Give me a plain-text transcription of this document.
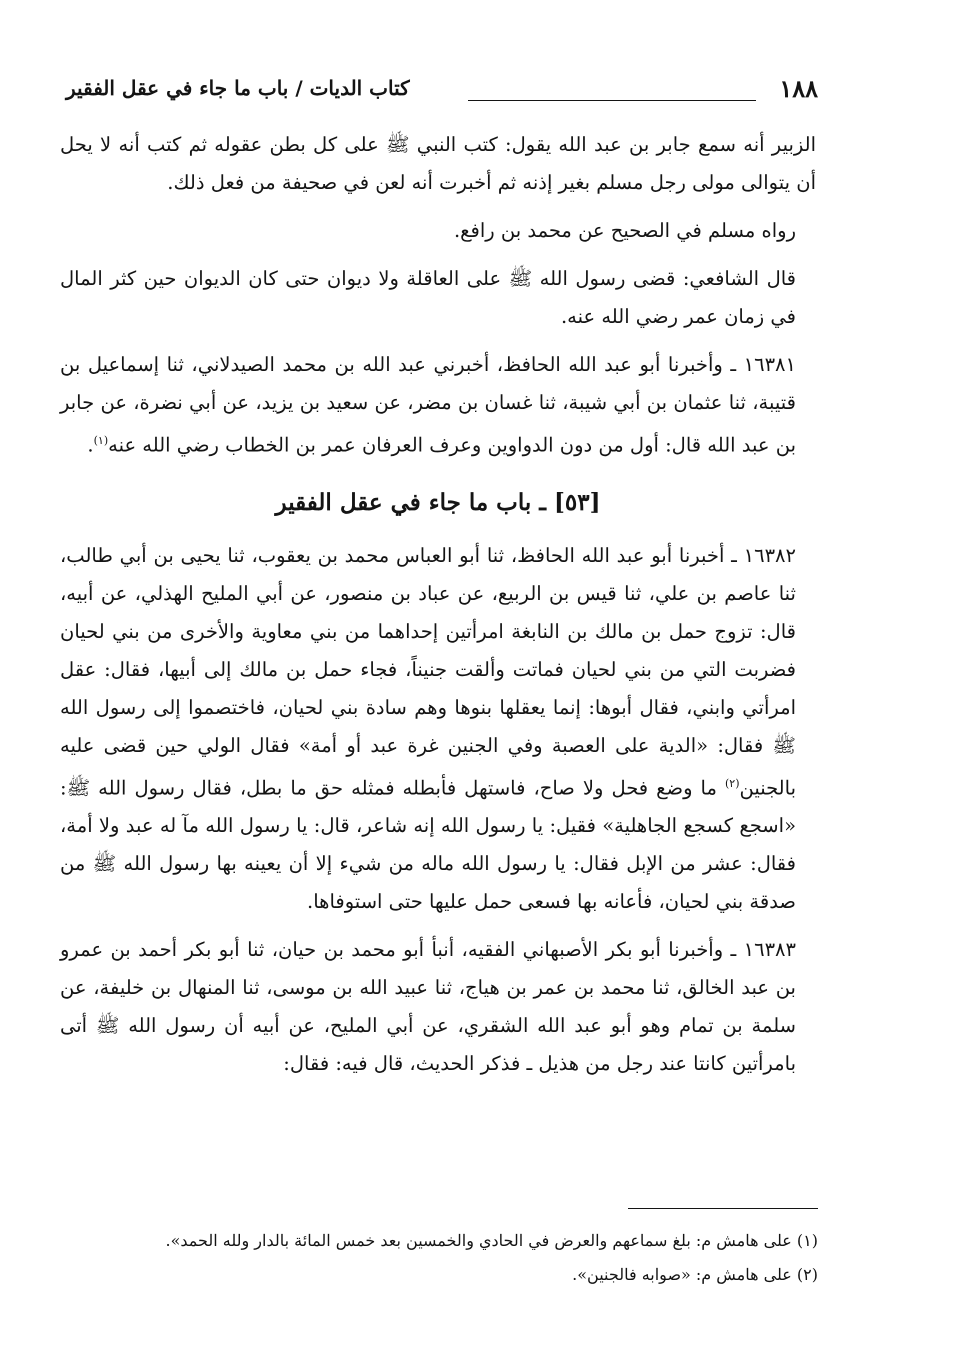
١٨٨
كتاب الديات / باب ما جاء في عقل الفقير

الزبير أنه سمع جابر بن عبد الله يقول: كتب النبي ﷺ على كل بطن عقوله ثم كتب أنه لا يحل أن يتوالى مولى رجل مسلم بغير إذنه ثم أخبرت أنه لعن في صحيفة من فعل ذلك.

رواه مسلم في الصحيح عن محمد بن رافع.

قال الشافعي: قضى رسول الله ﷺ على العاقلة ولا ديوان حتى كان الديوان حين كثر المال في زمان عمر رضي الله عنه.

١٦٣٨١ ـ وأخبرنا أبو عبد الله الحافظ، أخبرني عبد الله بن محمد الصيدلاني، ثنا إسماعيل بن قتيبة، ثنا عثمان بن أبي شيبة، ثنا غسان بن مضر، عن سعيد بن يزيد، عن أبي نضرة، عن جابر بن عبد الله قال: أول من دون الدواوين وعرف العرفان عمر بن الخطاب رضي الله عنه$^{(١)}$.

[٥٣] ـ باب ما جاء في عقل الفقير

١٦٣٨٢ ـ أخبرنا أبو عبد الله الحافظ، ثنا أبو العباس محمد بن يعقوب، ثنا يحيى بن أبي طالب، ثنا عاصم بن علي، ثنا قيس بن الربيع، عن عباد بن منصور، عن أبي المليح الهذلي، عن أبيه، قال: تزوج حمل بن مالك بن النابغة امرأتين إحداهما من بني معاوية والأخرى من بني لحيان فضربت التي من بني لحيان فماتت وألقت جنيناً، فجاء حمل بن مالك إلى أبيها، فقال: عقل امرأتي وابني، فقال أبوها: إنما يعقلها بنوها وهم سادة بني لحيان، فاختصموا إلى رسول الله ﷺ فقال: «الدية على العصبة وفي الجنين غرة عبد أو أمة» فقال الولي حين قضى عليه بالجنين$^{(٢)}$ ما وضع فحل ولا صاح، فاستهل فأبطله فمثله حق ما بطل، فقال رسول الله ﷺ: «اسجع كسجع الجاهلية» فقيل: يا رسول الله إنه شاعر، قال: يا رسول الله مآ له عبد ولا أمة، فقال: عشر من الإبل فقال: يا رسول الله ماله من شيء إلا أن يعينه بها رسول الله ﷺ من صدقة بني لحيان، فأعانه بها فسعى حمل عليها حتى استوفاها.

١٦٣٨٣ ـ وأخبرنا أبو بكر الأصبهاني الفقيه، أنبأ أبو محمد بن حيان، ثنا أبو بكر أحمد بن عمرو بن عبد الخالق، ثنا محمد بن عمر بن هياج، ثنا عبيد الله بن موسى، ثنا المنهال بن خليفة، عن سلمة بن تمام وهو أبو عبد الله الشقري، عن أبي المليح، عن أبيه أن رسول الله ﷺ أتى بامرأتين كانتا عند رجل من هذيل ـ فذكر الحديث، قال فيه: فقال:

(١) على هامش م: بلغ سماعهم والعرض في الحادي والخمسين بعد خمس المائة بالدار ولله الحمد».

(٢) على هامش م: «صوابه فالجنين».
